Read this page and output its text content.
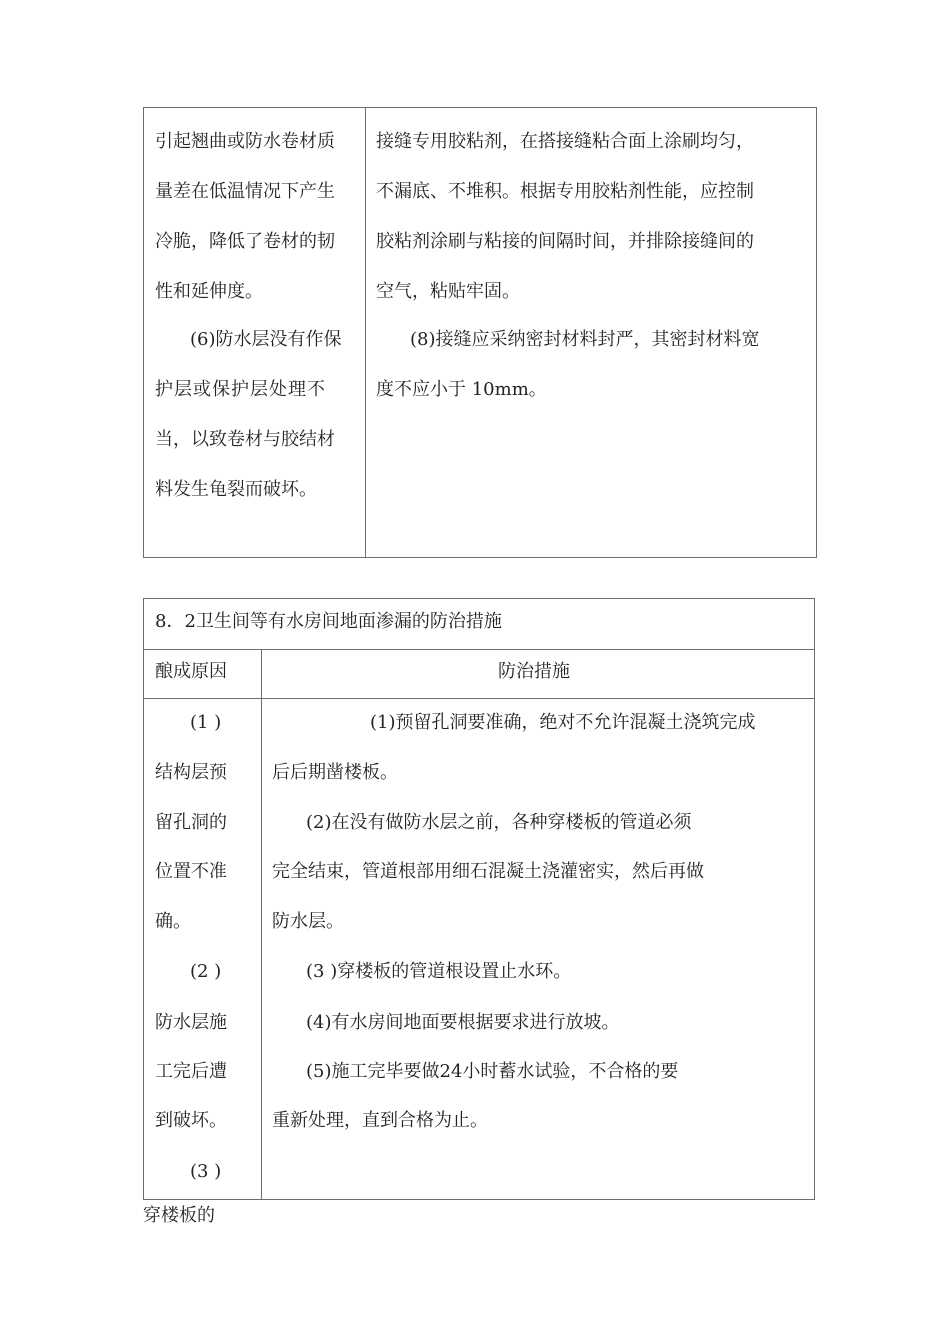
引起翘曲或防水卷材质
量差在低温情况下产生
冷脆，降低了卷材的韧
性和延伸度。
(6)防水层没有作保
护层或保护层处理不
当，以致卷材与胶结材
料发生龟裂而破坏。
接缝专用胶粘剂，在搭接缝粘合面上涂刷均匀，
不漏底、不堆积。根据专用胶粘剂性能，应控制
胶粘剂涂刷与粘接的间隔时间，并排除接缝间的
空气，粘贴牢固。
(8)接缝应采纳密封材料封严，其密封材料宽
度不应小于 10mm。
8．2卫生间等有水房间地面渗漏的防治措施
酿成原因	防治措施
(1 )
结构层预
留孔洞的
位置不准
确。
(2 )
防水层施
工完后遭
到破坏。
(3 )
(1)预留孔洞要准确，绝对不允许混凝土浇筑完成
后后期凿楼板。
(2)在没有做防水层之前，各种穿楼板的管道必须
完全结束，管道根部用细石混凝土浇灌密实，然后再做
防水层。
(3 )穿楼板的管道根设置止水环。
(4)有水房间地面要根据要求进行放坡。
(5)施工完毕要做24小时蓄水试验，不合格的要
重新处理，直到合格为止。
穿楼板的
